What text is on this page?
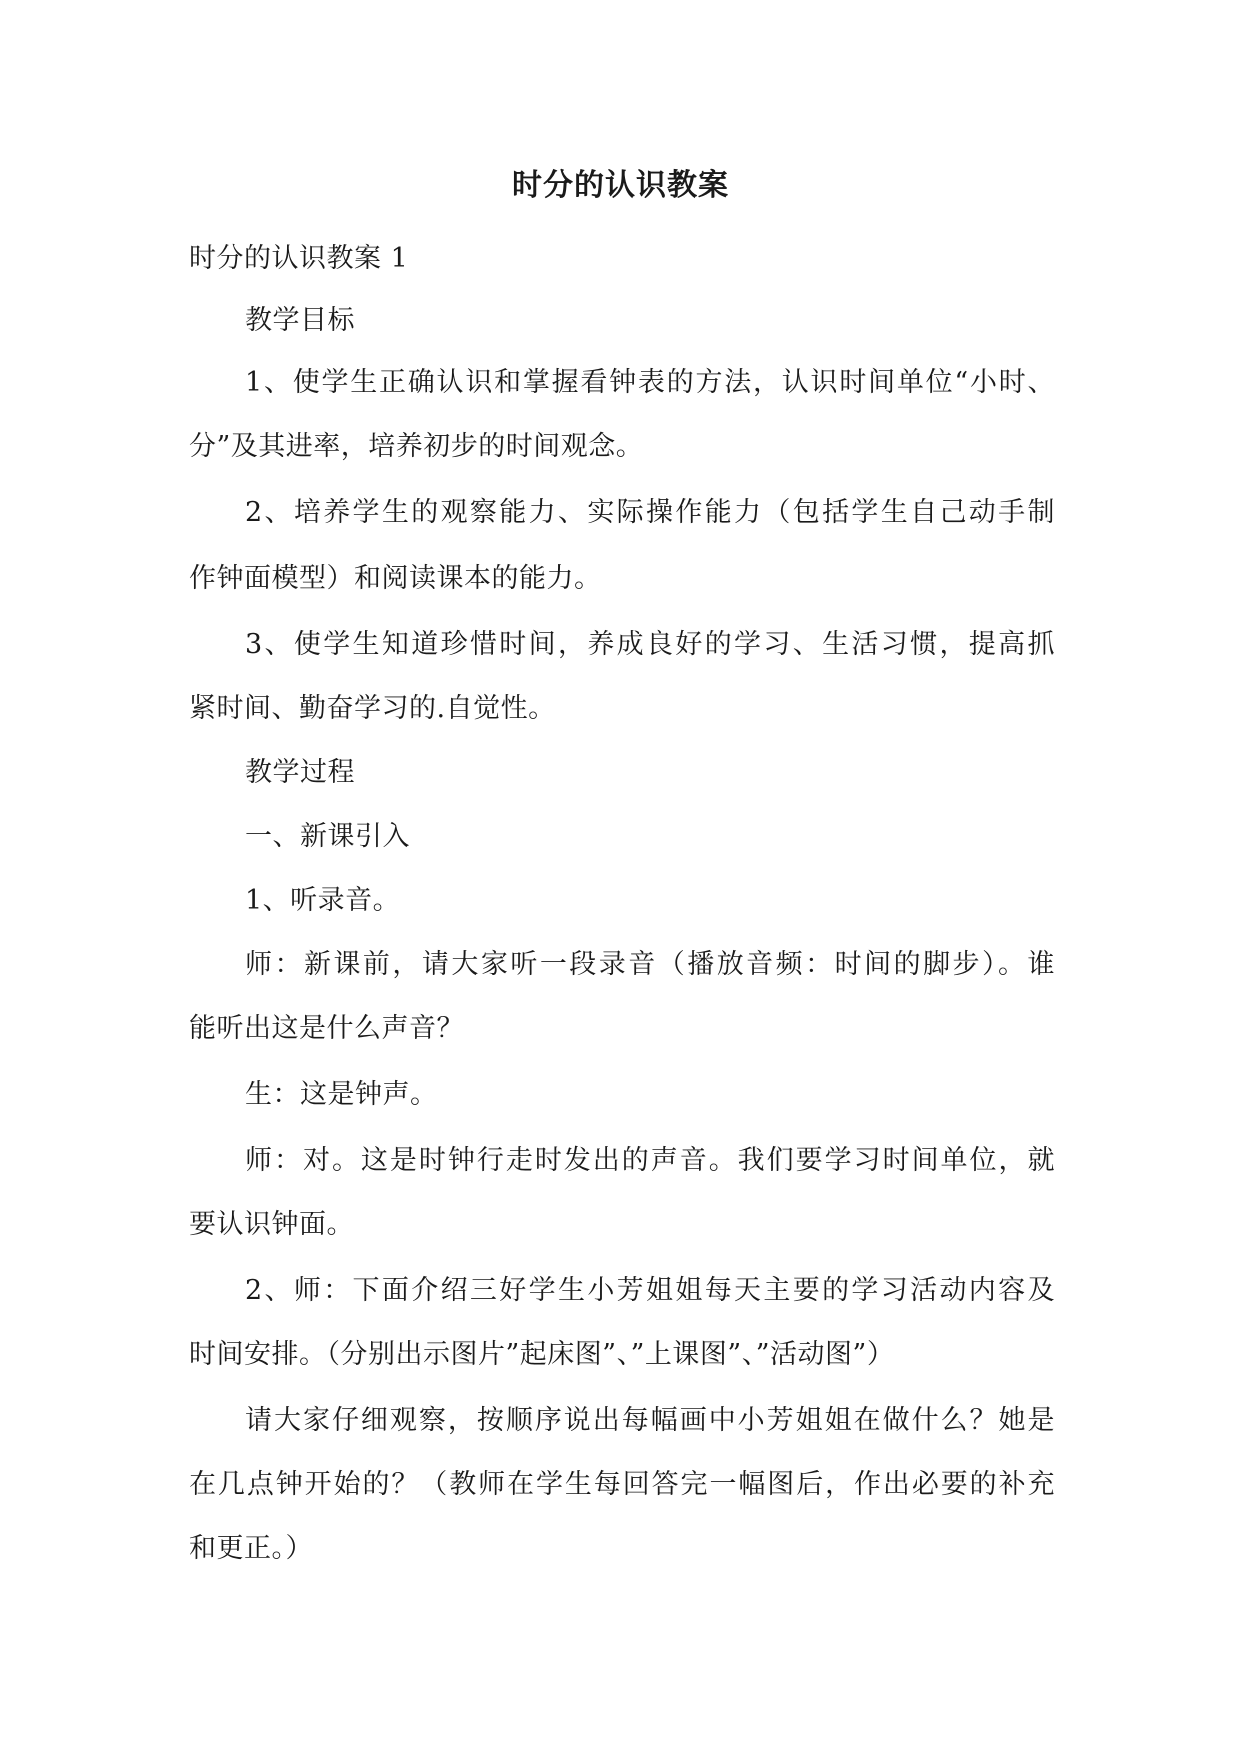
时分的认识教案
时分的认识教案 1
教学目标
1、使学生正确认识和掌握看钟表的方法，认识时间单位“小时、
分”及其进率，培养初步的时间观念。
2、培养学生的观察能力、实际操作能力（包括学生自己动手制
作钟面模型）和阅读课本的能力。
3、使学生知道珍惜时间，养成良好的学习、生活习惯，提高抓
紧时间、勤奋学习的.自觉性。
教学过程
一、新课引入
1、听录音。
师：新课前，请大家听一段录音（播放音频：时间的脚步）。谁
能听出这是什么声音？
生：这是钟声。
师：对。这是时钟行走时发出的声音。我们要学习时间单位，就
要认识钟面。
2、师：下面介绍三好学生小芳姐姐每天主要的学习活动内容及
时间安排。（分别出示图片”起床图”、”上课图”、”活动图”）
请大家仔细观察，按顺序说出每幅画中小芳姐姐在做什么？她是
在几点钟开始的？（教师在学生每回答完一幅图后，作出必要的补充
和更正。）
